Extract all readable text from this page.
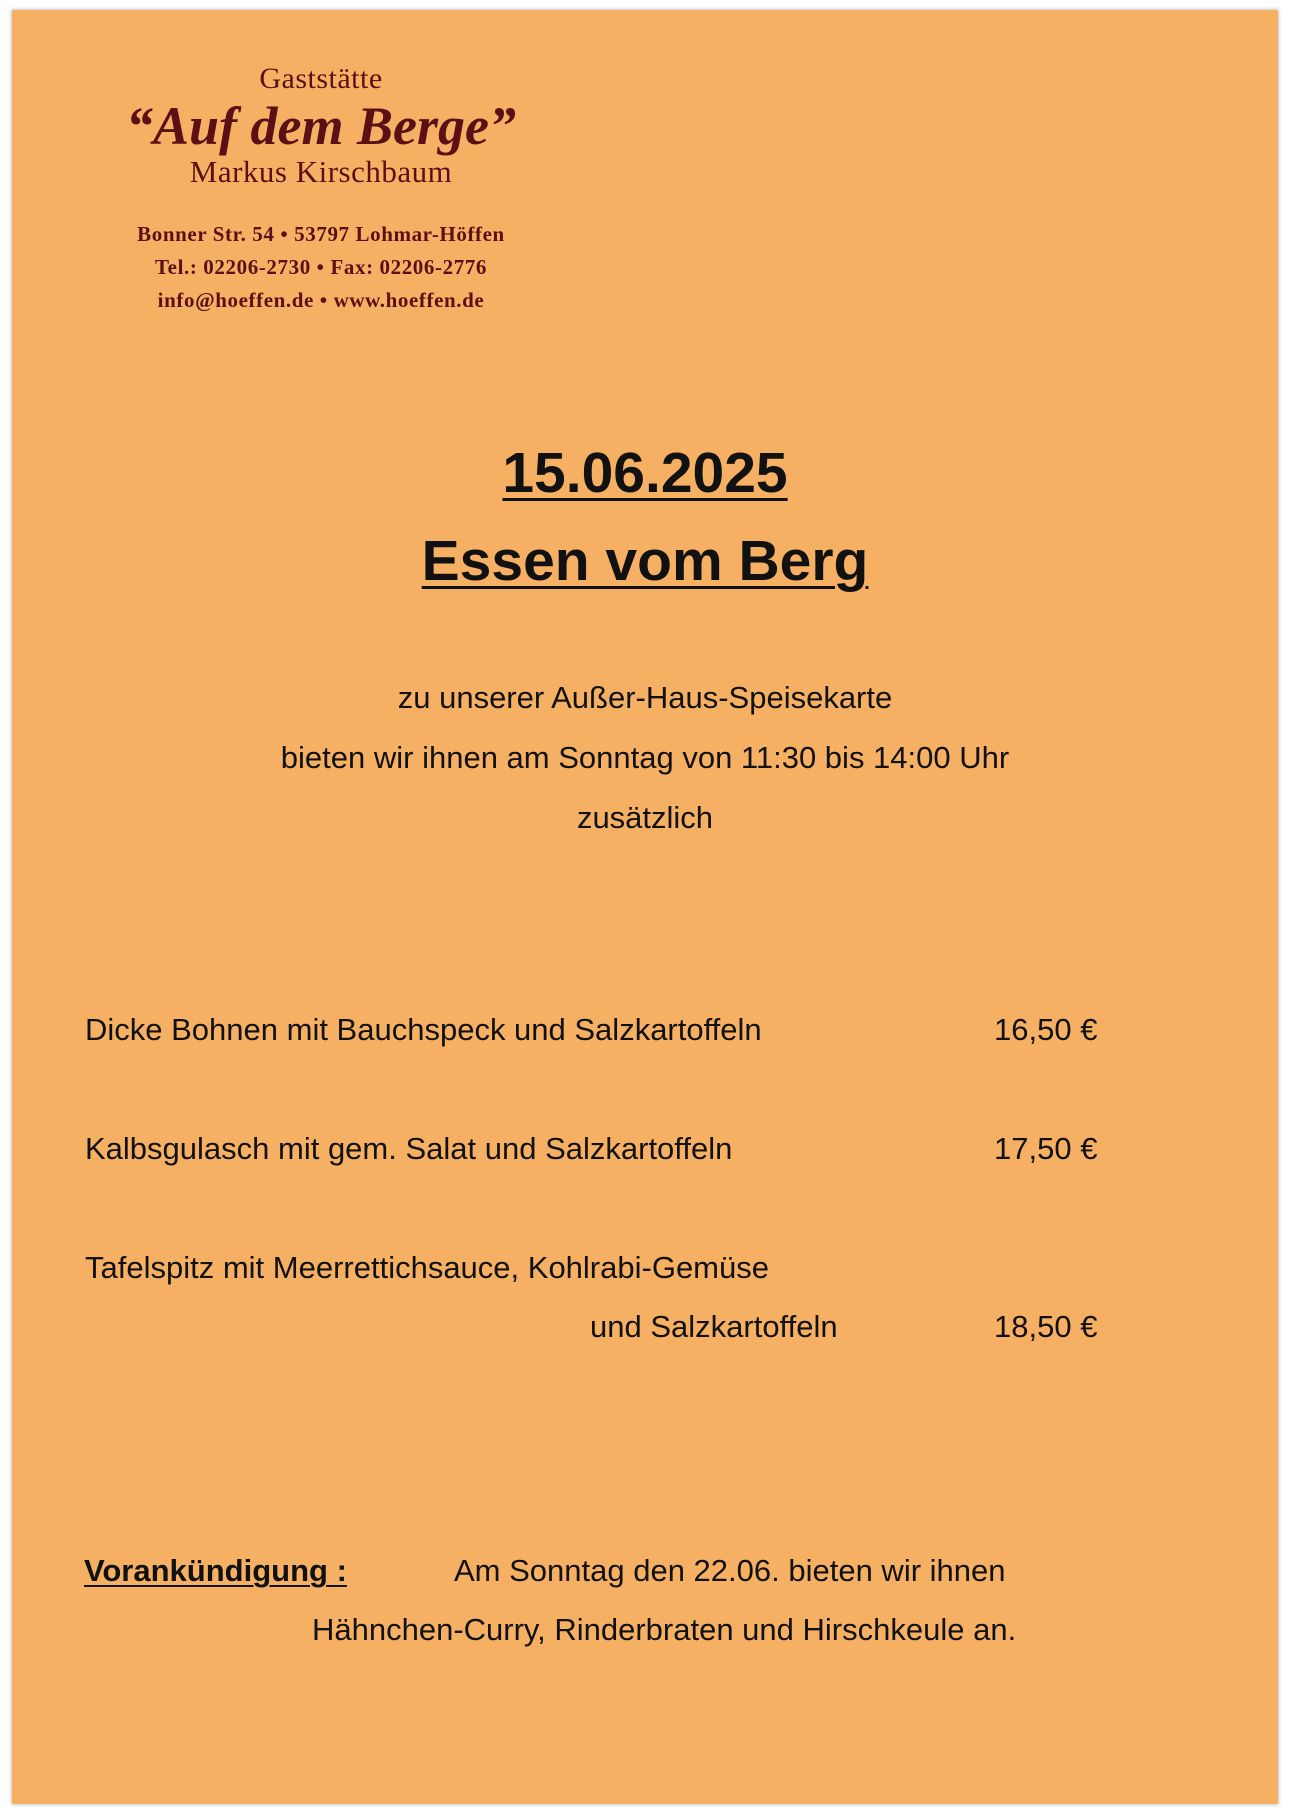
Gaststätte
“Auf dem Berge”
Markus Kirschbaum
Bonner Str. 54 • 53797 Lohmar-Höffen
Tel.: 02206-2730 • Fax: 02206-2776
info@hoeffen.de • www.hoeffen.de
15.06.2025
Essen vom Berg
zu unserer Außer-Haus-Speisekarte
bieten wir ihnen am Sonntag von 11:30 bis 14:00 Uhr
zusätzlich
Dicke Bohnen mit Bauchspeck und Salzkartoffeln	16,50 €
Kalbsgulasch mit gem. Salat und Salzkartoffeln	17,50 €
Tafelspitz mit Meerrettichsauce, Kohlrabi-Gemüse
und Salzkartoffeln	18,50 €
Vorankündigung :	Am Sonntag den 22.06. bieten wir ihnen
Hähnchen-Curry, Rinderbraten und Hirschkeule an.
